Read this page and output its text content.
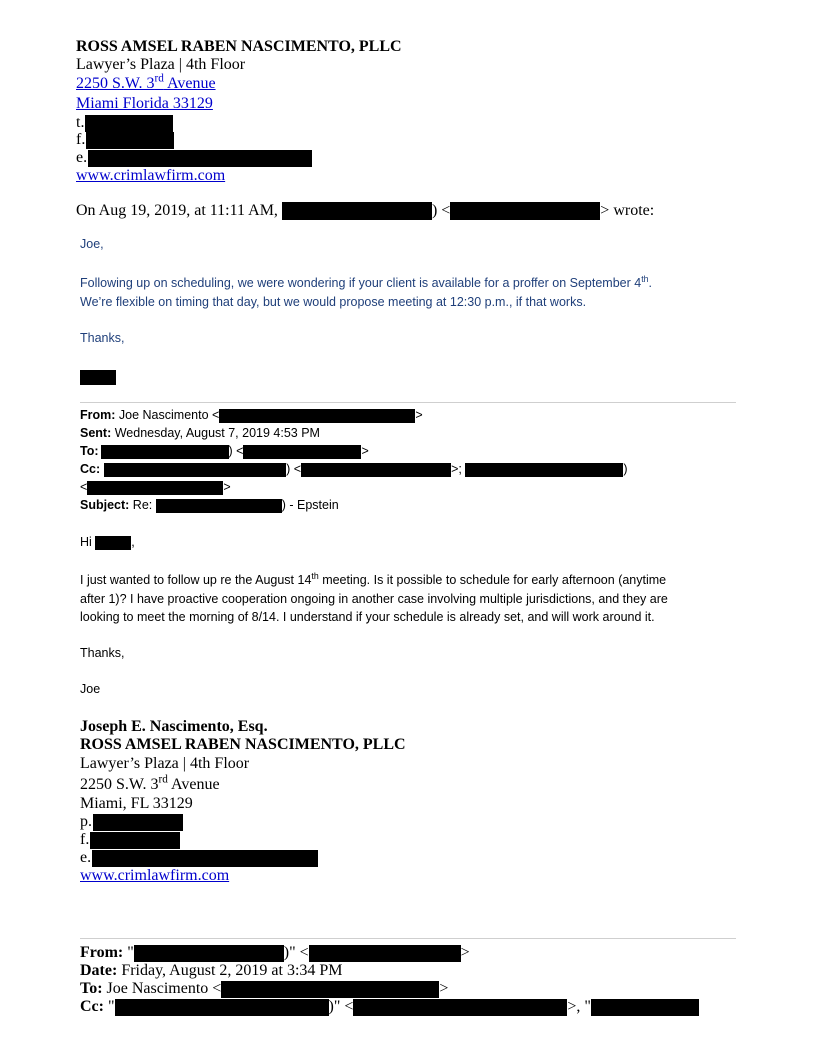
ROSS AMSEL RABEN NASCIMENTO, PLLC
Lawyer’s Plaza | 4th Floor
2250 S.W. 3rd Avenue
Miami Florida 33129
t.
f.
e.
www.crimlawfirm.com
On Aug 19, 2019, at 11:11 AM,	) <	> wrote:
Joe,
Following up on scheduling, we were wondering if your client is available for a proffer on September 4th.
We’re flexible on timing that day, but we would propose meeting at 12:30 p.m., if that works.
Thanks,
From: Joe Nascimento <	>
Sent: Wednesday, August 7, 2019 4:53 PM
To:	) <	>
Cc:	) <	>;	)
<	>
Subject: Re:	) - Epstein
Hi	,
I just wanted to follow up re the August 14th meeting. Is it possible to schedule for early afternoon (anytime
after 1)? I have proactive cooperation ongoing in another case involving multiple jurisdictions, and they are
looking to meet the morning of 8/14. I understand if your schedule is already set, and will work around it.
Thanks,
Joe
Joseph E. Nascimento, Esq.
ROSS AMSEL RABEN NASCIMENTO, PLLC
Lawyer’s Plaza | 4th Floor
2250 S.W. 3rd Avenue
Miami, FL 33129
p.
f.
e.
www.crimlawfirm.com
From: "	)" <	>
Date: Friday, August 2, 2019 at 3:34 PM
To: Joe Nascimento <	>
Cc: "	)" <	>, "
